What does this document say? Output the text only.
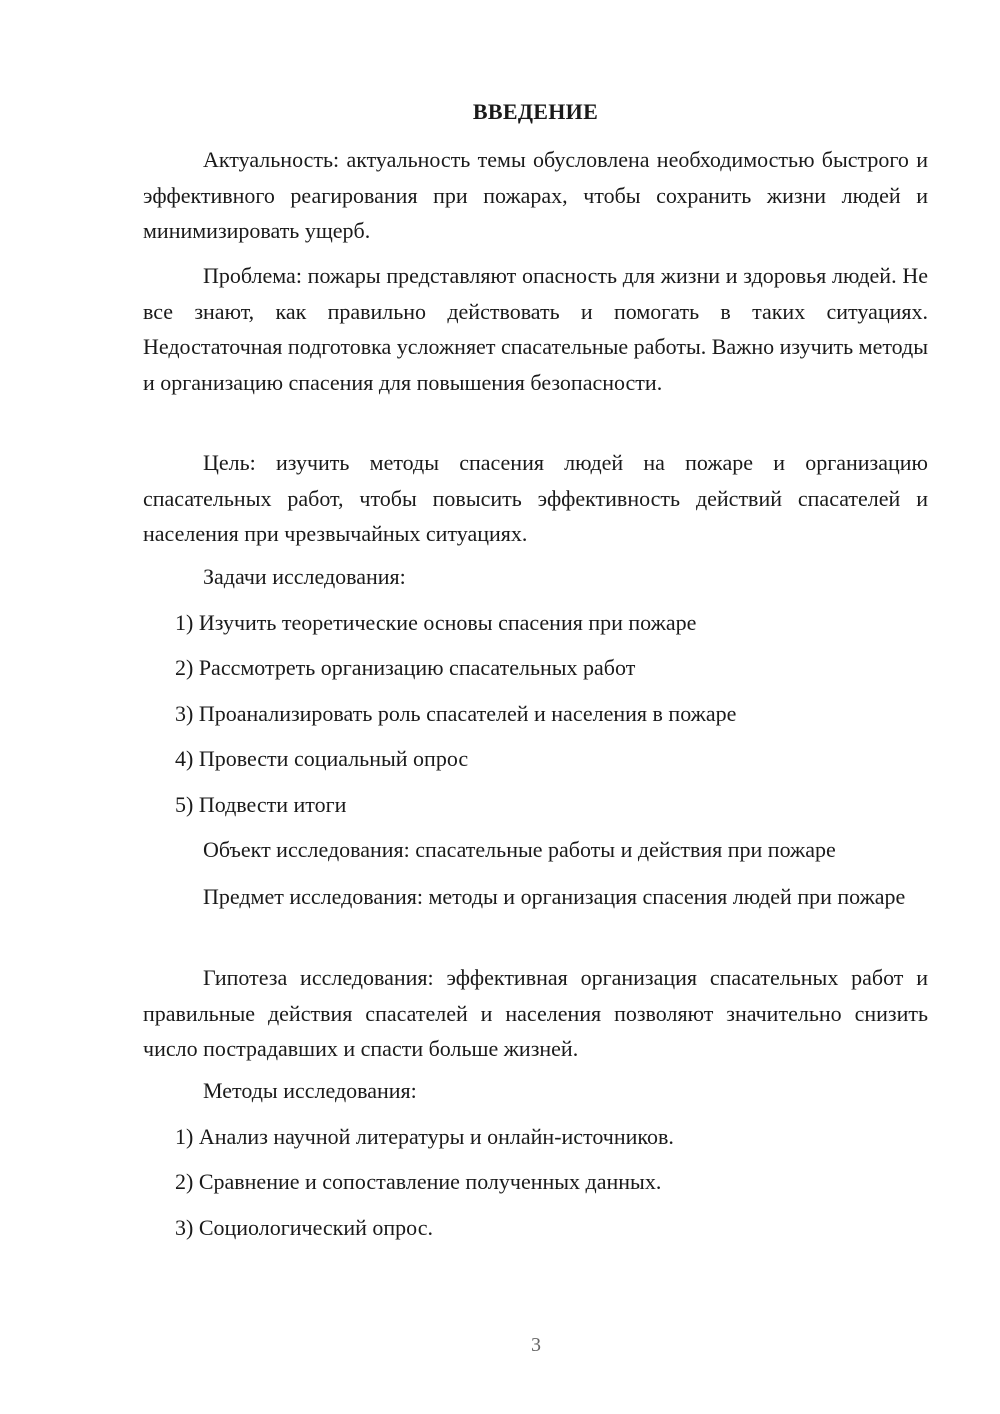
ВВЕДЕНИЕ
Актуальность: актуальность темы обусловлена необходимостью быстрого и эффективного реагирования при пожарах, чтобы сохранить жизни людей и минимизировать ущерб.
Проблема: пожары представляют опасность для жизни и здоровья людей. Не все знают, как правильно действовать и помогать в таких ситуациях. Недостаточная подготовка усложняет спасательные работы. Важно изучить методы и организацию спасения для повышения безопасности.
Цель: изучить методы спасения людей на пожаре и организацию спасательных работ, чтобы повысить эффективность действий спасателей и населения при чрезвычайных ситуациях.
Задачи исследования:
1) Изучить теоретические основы спасения при пожаре
2) Рассмотреть организацию спасательных работ
3) Проанализировать роль спасателей и населения в пожаре
4) Провести социальный опрос
5) Подвести итоги
Объект исследования: спасательные работы и действия при пожаре
Предмет исследования: методы и организация спасения людей при пожаре
Гипотеза исследования: эффективная организация спасательных работ и правильные действия спасателей и населения позволяют значительно снизить число пострадавших и спасти больше жизней.
Методы исследования:
1) Анализ научной литературы и онлайн-источников.
2) Сравнение и сопоставление полученных данных.
3) Социологический опрос.
3
